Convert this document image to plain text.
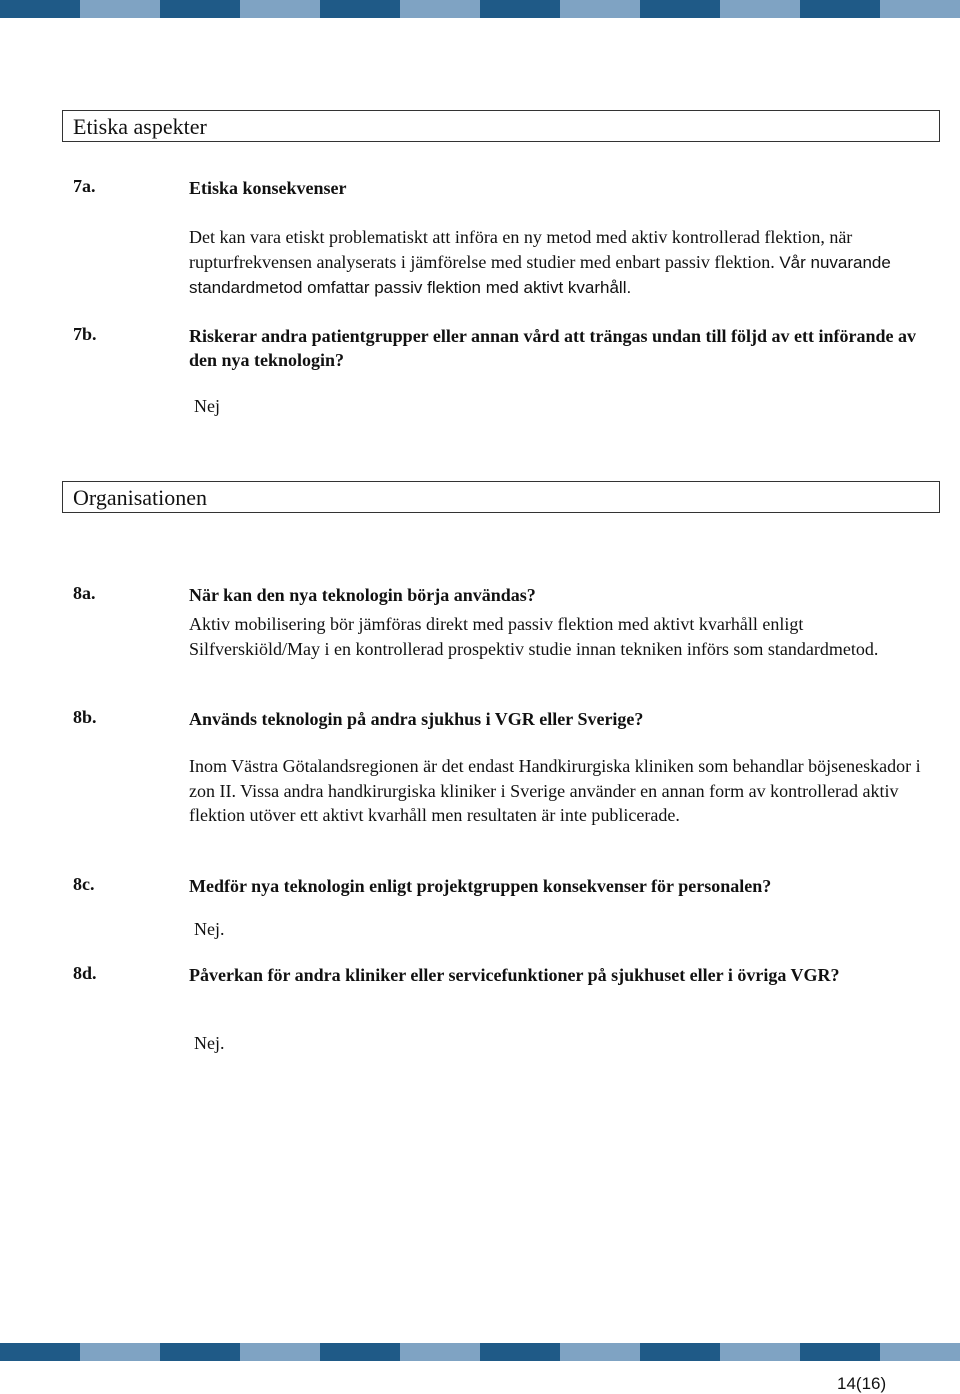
Etiska aspekter
7a.	Etiska konsekvenser
Det kan vara etiskt problematiskt att införa en ny metod med aktiv kontrollerad flektion, när rupturfrekvensen analyserats i jämförelse med studier med enbart passiv flektion. Vår nuvarande standardmetod omfattar passiv flektion med aktivt kvarhåll.
7b.	Riskerar andra patientgrupper eller annan vård att trängas undan till följd av ett införande av den nya teknologin?
Nej
Organisationen
8a.	När kan den nya teknologin börja användas?
Aktiv mobilisering bör jämföras direkt med passiv flektion med aktivt kvarhåll enligt Silfverskiöld/May i en kontrollerad prospektiv studie innan tekniken införs som standardmetod.
8b.	Används teknologin på andra sjukhus i VGR eller Sverige?
Inom Västra Götalandsregionen är det endast Handkirurgiska kliniken som behandlar böjseneskador i zon II. Vissa andra handkirurgiska kliniker i Sverige använder en annan form av kontrollerad aktiv flektion utöver ett aktivt kvarhåll men resultaten är inte publicerade.
8c.	Medför nya teknologin enligt projektgruppen konsekvenser för personalen?
Nej.
8d.	Påverkan för andra kliniker eller servicefunktioner på sjukhuset eller i övriga VGR?
Nej.
14(16)
